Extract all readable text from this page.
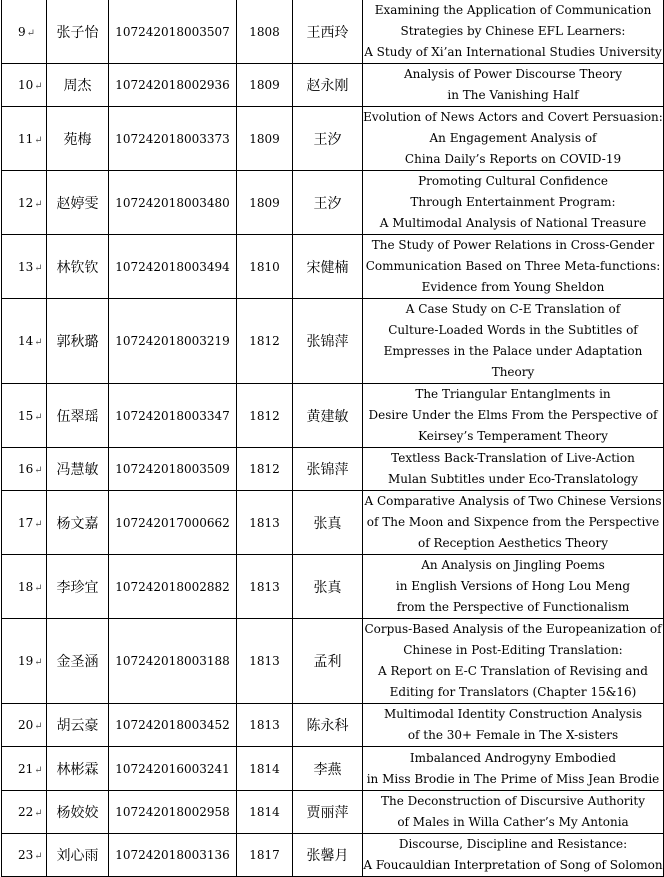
9↵	张子怡	107242018003507	1808	王西玲	Examining the Application of Communication
Strategies by Chinese EFL Learners:
A Study of Xi’an International Studies University

10↵	周杰	107242018002936	1809	赵永刚	Analysis of Power Discourse Theory
in The Vanishing Half

11↵	苑梅	107242018003373	1809	王汐	Evolution of News Actors and Covert Persuasion:
An Engagement Analysis of
China Daily’s Reports on COVID-19

12↵	赵婷雯	107242018003480	1809	王汐	Promoting Cultural Confidence
Through Entertainment Program:
A Multimodal Analysis of National Treasure

13↵	林钦钦	107242018003494	1810	宋健楠	The Study of Power Relations in Cross-Gender
Communication Based on Three Meta-functions:
Evidence from Young Sheldon

14↵	郭秋璐	107242018003219	1812	张锦萍	A Case Study on C-E Translation of
Culture-Loaded Words in the Subtitles of
Empresses in the Palace under Adaptation Theory

15↵	伍翠瑶	107242018003347	1812	黄建敏	The Triangular Entanglments in
Desire Under the Elms From the Perspective of
Keirsey’s Temperament Theory

16↵	冯慧敏	107242018003509	1812	张锦萍	Textless Back-Translation of Live-Action
Mulan Subtitles under Eco-Translatology

17↵	杨文嘉	107242017000662	1813	张真	A Comparative Analysis of Two Chinese Versions
of The Moon and Sixpence from the Perspective
of Reception Aesthetics Theory

18↵	李珍宜	107242018002882	1813	张真	An Analysis on Jingling Poems
in English Versions of Hong Lou Meng
from the Perspective of Functionalism

19↵	金圣涵	107242018003188	1813	孟利	Corpus-Based Analysis of the Europeanization of
Chinese in Post-Editing Translation:
A Report on E-C Translation of Revising and
Editing for Translators (Chapter 15&16)

20↵	胡云豪	107242018003452	1813	陈永科	Multimodal Identity Construction Analysis
of the 30+ Female in The X-sisters

21↵	林彬霖	107242016003241	1814	李燕	Imbalanced Androgyny Embodied
in Miss Brodie in The Prime of Miss Jean Brodie

22↵	杨姣姣	107242018002958	1814	贾丽萍	The Deconstruction of Discursive Authority
of Males in Willa Cather’s My Antonia

23↵	刘心雨	107242018003136	1817	张馨月	Discourse, Discipline and Resistance:
A Foucauldian Interpretation of Song of Solomon
